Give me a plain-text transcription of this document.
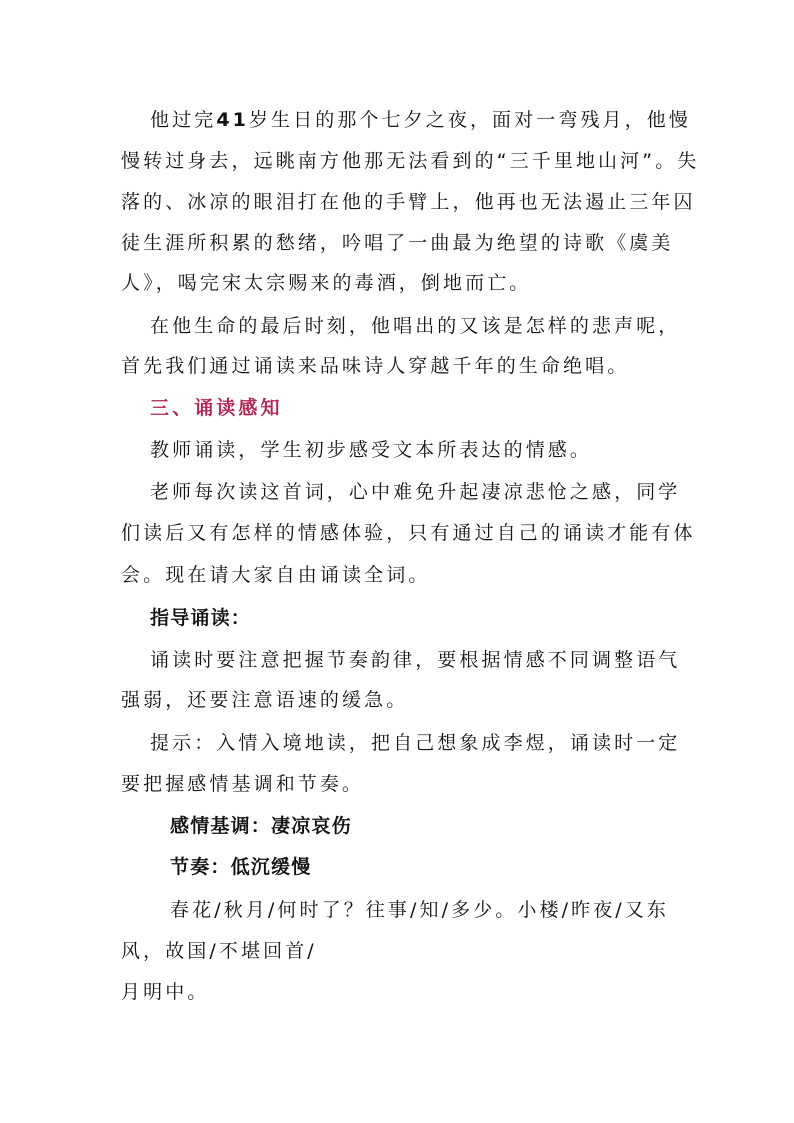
他过完41岁生日的那个七夕之夜，面对一弯残月，他慢
慢转过身去，远眺南方他那无法看到的“三千里地山河”。失
落的、冰凉的眼泪打在他的手臂上，他再也无法遏止三年囚
徒生涯所积累的愁绪，吟唱了一曲最为绝望的诗歌《虞美
人》，喝完宋太宗赐来的毒酒，倒地而亡。
在他生命的最后时刻，他唱出的又该是怎样的悲声呢，
首先我们通过诵读来品味诗人穿越千年的生命绝唱。
三、诵读感知
教师诵读，学生初步感受文本所表达的情感。
老师每次读这首词，心中难免升起凄凉悲怆之感，同学
们读后又有怎样的情感体验，只有通过自己的诵读才能有体
会。现在请大家自由诵读全词。
指导诵读：
诵读时要注意把握节奏韵律，要根据情感不同调整语气
强弱，还要注意语速的缓急。
提示：入情入境地读，把自己想象成李煜，诵读时一定
要把握感情基调和节奏。
感情基调：凄凉哀伤
节奏：低沉缓慢
春花/秋月/何时了？往事/知/多少。小楼/昨夜/又东
风，故国/不堪回首/
月明中。
